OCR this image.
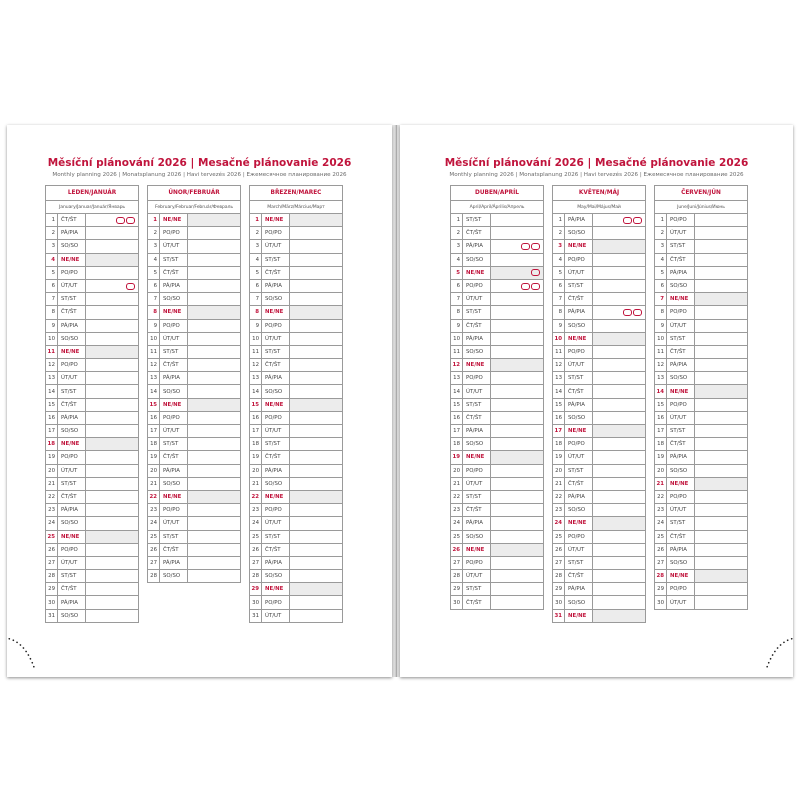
Měsíční plánování 2026 | Mesačné plánovanie 2026
Monthly planning 2026 | Monatsplanung 2026 | Havi tervezés 2026 | Ежемесячное планирование 2026
LEDEN/JANUÁR
January/Januar/Január/Январь
1	ČT/ŠT
2	PÁ/PIA
3	SO/SO
4	NE/NE
5	PO/PO
6	ÚT/UT
7	ST/ST
8	ČT/ŠT
9	PÁ/PIA
10	SO/SO
11	NE/NE
12	PO/PO
13	ÚT/UT
14	ST/ST
15	ČT/ŠT
16	PÁ/PIA
17	SO/SO
18	NE/NE
19	PO/PO
20	ÚT/UT
21	ST/ST
22	ČT/ŠT
23	PÁ/PIA
24	SO/SO
25	NE/NE
26	PO/PO
27	ÚT/UT
28	ST/ST
29	ČT/ŠT
30	PÁ/PIA
31	SO/SO
ÚNOR/FEBRUÁR
February/Februar/Február/Февраль
1	NE/NE
2	PO/PO
3	ÚT/UT
4	ST/ST
5	ČT/ŠT
6	PÁ/PIA
7	SO/SO
8	NE/NE
9	PO/PO
10	ÚT/UT
11	ST/ST
12	ČT/ŠT
13	PÁ/PIA
14	SO/SO
15	NE/NE
16	PO/PO
17	ÚT/UT
18	ST/ST
19	ČT/ŠT
20	PÁ/PIA
21	SO/SO
22	NE/NE
23	PO/PO
24	ÚT/UT
25	ST/ST
26	ČT/ŠT
27	PÁ/PIA
28	SO/SO
BŘEZEN/MAREC
March/März/Március/Март
1	NE/NE
2	PO/PO
3	ÚT/UT
4	ST/ST
5	ČT/ŠT
6	PÁ/PIA
7	SO/SO
8	NE/NE
9	PO/PO
10	ÚT/UT
11	ST/ST
12	ČT/ŠT
13	PÁ/PIA
14	SO/SO
15	NE/NE
16	PO/PO
17	ÚT/UT
18	ST/ST
19	ČT/ŠT
20	PÁ/PIA
21	SO/SO
22	NE/NE
23	PO/PO
24	ÚT/UT
25	ST/ST
26	ČT/ŠT
27	PÁ/PIA
28	SO/SO
29	NE/NE
30	PO/PO
31	ÚT/UT
Měsíční plánování 2026 | Mesačné plánovanie 2026
Monthly planning 2026 | Monatsplanung 2026 | Havi tervezés 2026 | Ежемесячное планирование 2026
DUBEN/APRÍL
April/April/Április/Апрель
1	ST/ST
2	ČT/ŠT
3	PÁ/PIA
4	SO/SO
5	NE/NE
6	PO/PO
7	ÚT/UT
8	ST/ST
9	ČT/ŠT
10	PÁ/PIA
11	SO/SO
12	NE/NE
13	PO/PO
14	ÚT/UT
15	ST/ST
16	ČT/ŠT
17	PÁ/PIA
18	SO/SO
19	NE/NE
20	PO/PO
21	ÚT/UT
22	ST/ST
23	ČT/ŠT
24	PÁ/PIA
25	SO/SO
26	NE/NE
27	PO/PO
28	ÚT/UT
29	ST/ST
30	ČT/ŠT
KVĚTEN/MÁJ
May/Mai/Május/Май
1	PÁ/PIA
2	SO/SO
3	NE/NE
4	PO/PO
5	ÚT/UT
6	ST/ST
7	ČT/ŠT
8	PÁ/PIA
9	SO/SO
10	NE/NE
11	PO/PO
12	ÚT/UT
13	ST/ST
14	ČT/ŠT
15	PÁ/PIA
16	SO/SO
17	NE/NE
18	PO/PO
19	ÚT/UT
20	ST/ST
21	ČT/ŠT
22	PÁ/PIA
23	SO/SO
24	NE/NE
25	PO/PO
26	ÚT/UT
27	ST/ST
28	ČT/ŠT
29	PÁ/PIA
30	SO/SO
31	NE/NE
ČERVEN/JÚN
June/Juni/Június/Июнь
1	PO/PO
2	ÚT/UT
3	ST/ST
4	ČT/ŠT
5	PÁ/PIA
6	SO/SO
7	NE/NE
8	PO/PO
9	ÚT/UT
10	ST/ST
11	ČT/ŠT
12	PÁ/PIA
13	SO/SO
14	NE/NE
15	PO/PO
16	ÚT/UT
17	ST/ST
18	ČT/ŠT
19	PÁ/PIA
20	SO/SO
21	NE/NE
22	PO/PO
23	ÚT/UT
24	ST/ST
25	ČT/ŠT
26	PÁ/PIA
27	SO/SO
28	NE/NE
29	PO/PO
30	ÚT/UT
